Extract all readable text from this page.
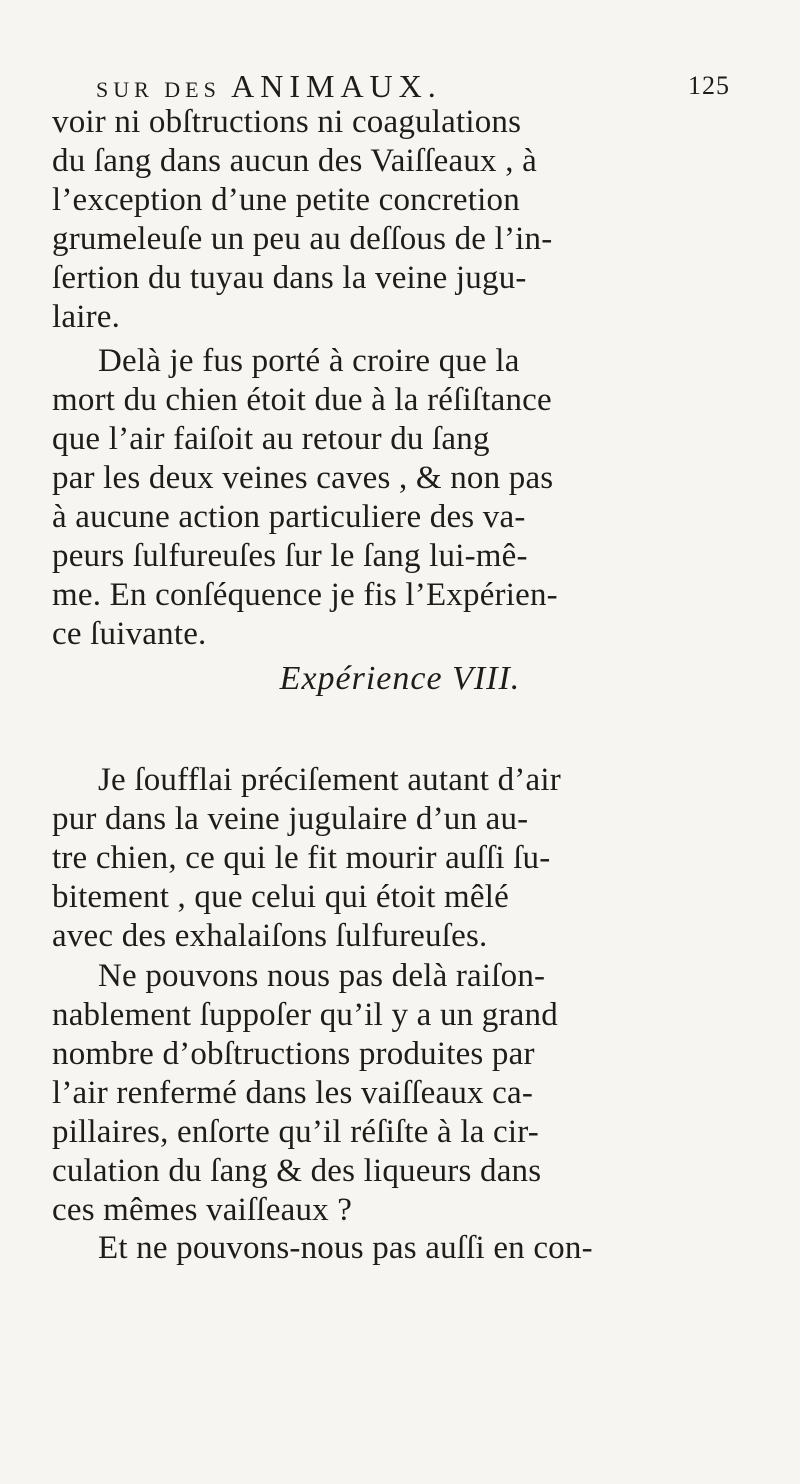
SUR DES ANIMAUX.	125
voir ni obſtructions ni coagulations
du ſang dans aucun des Vaiſſeaux , à
l’exception d’une petite concretion
grumeleuſe un peu au deſſous de l’in-
ſertion du tuyau dans la veine jugu-
laire.
Delà je fus porté à croire que la
mort du chien étoit due à la réſiſtance
que l’air faiſoit au retour du ſang
par les deux veines caves , & non pas
à aucune action particuliere des va-
peurs ſulfureuſes ſur le ſang lui-mê-
me. En conſéquence je fis l’Expérien-
ce ſuivante.
Expérience VIII.
Je ſoufflai préciſement autant d’air
pur dans la veine jugulaire d’un au-
tre chien, ce qui le fit mourir auſſi ſu-
bitement , que celui qui étoit mêlé
avec des exhalaiſons ſulfureuſes.
Ne pouvons nous pas delà raiſon-
nablement ſuppoſer qu’il y a un grand
nombre d’obſtructions produites par
l’air renfermé dans les vaiſſeaux ca-
pillaires, enſorte qu’il réſiſte à la cir-
culation du ſang & des liqueurs dans
ces mêmes vaiſſeaux ?
Et ne pouvons-nous pas auſſi en con-
